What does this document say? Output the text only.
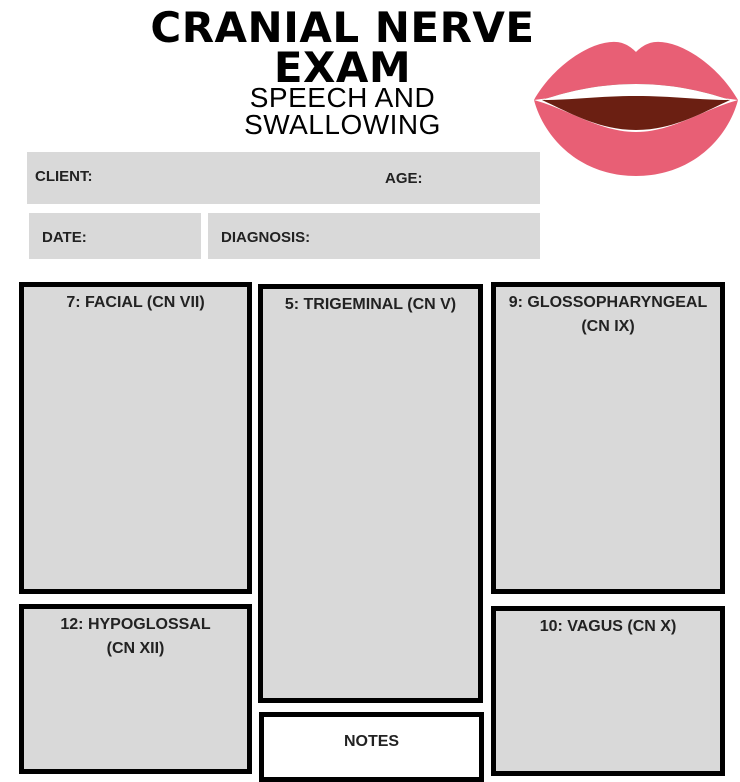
CRANIAL NERVE
EXAM
SPEECH AND
SWALLOWING
CLIENT:	AGE:
DATE:	DIAGNOSIS:
7: FACIAL (CN VII)	5: TRIGEMINAL (CN V)	9: GLOSSOPHARYNGEAL
(CN IX)
12: HYPOGLOSSAL
(CN XII)
10: VAGUS (CN X)
NOTES
